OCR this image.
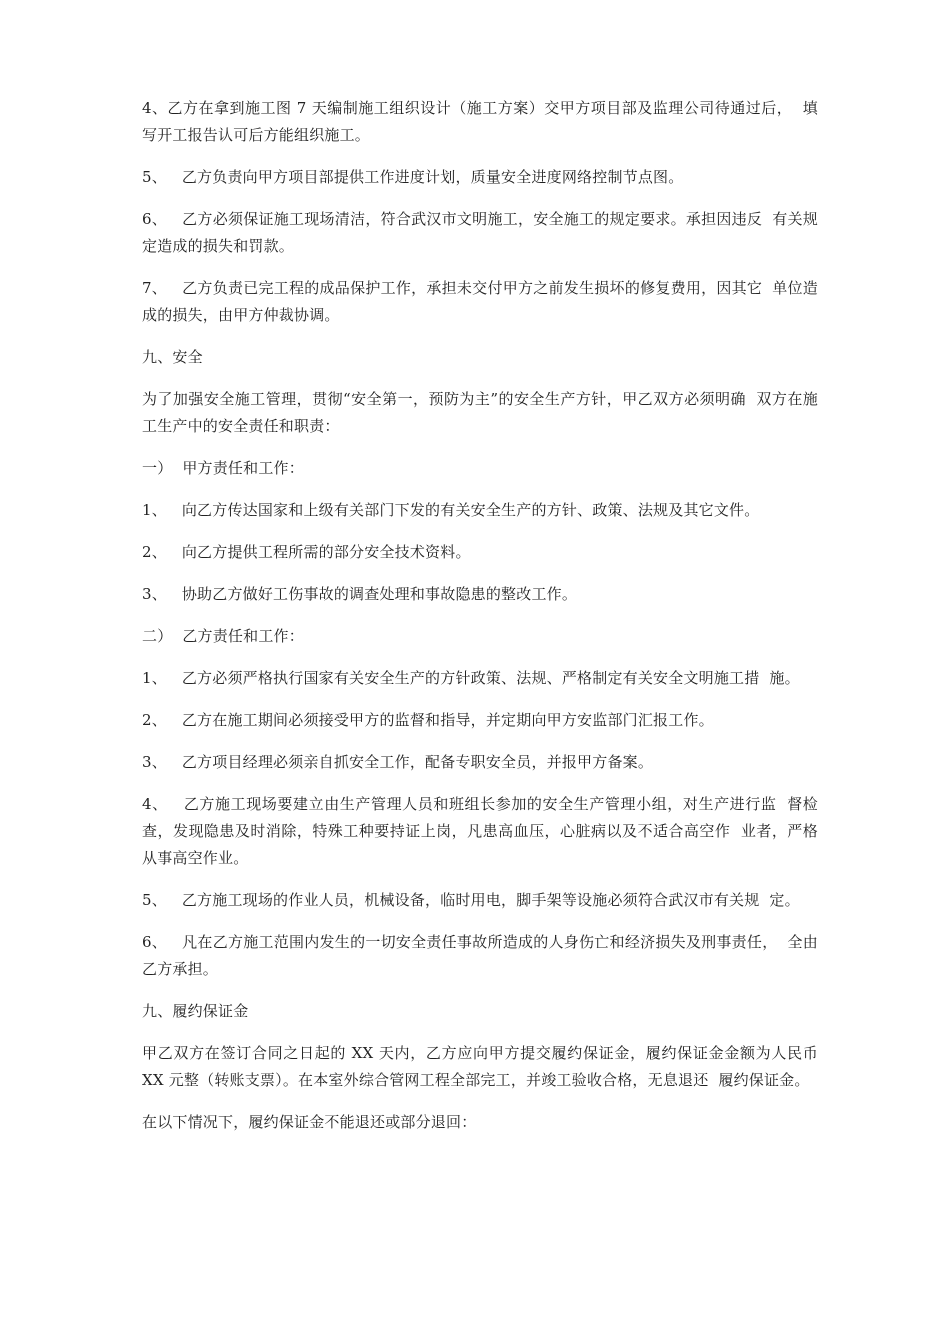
4、乙方在拿到施工图 7 天编制施工组织设计（施工方案）交甲方项目部及监理公司待通过后，  填写开工报告认可后方能组织施工。

5、   乙方负责向甲方项目部提供工作进度计划，质量安全进度网络控制节点图。

6、   乙方必须保证施工现场清洁，符合武汉市文明施工，安全施工的规定要求。承担因违反  有关规定造成的损失和罚款。

7、   乙方负责已完工程的成品保护工作，承担未交付甲方之前发生损坏的修复费用，因其它  单位造成的损失，由甲方仲裁协调。

九、安全

为了加强安全施工管理，贯彻“安全第一，预防为主”的安全生产方针，甲乙双方必须明确  双方在施工生产中的安全责任和职责：

一）  甲方责任和工作：

1、   向乙方传达国家和上级有关部门下发的有关安全生产的方针、政策、法规及其它文件。

2、   向乙方提供工程所需的部分安全技术资料。

3、   协助乙方做好工伤事故的调查处理和事故隐患的整改工作。

二）  乙方责任和工作：

1、   乙方必须严格执行国家有关安全生产的方针政策、法规、严格制定有关安全文明施工措  施。

2、   乙方在施工期间必须接受甲方的监督和指导，并定期向甲方安监部门汇报工作。

3、   乙方项目经理必须亲自抓安全工作，配备专职安全员，并报甲方备案。

4、   乙方施工现场要建立由生产管理人员和班组长参加的安全生产管理小组，对生产进行监  督检查，发现隐患及时消除，特殊工种要持证上岗，凡患高血压，心脏病以及不适合高空作  业者，严格从事高空作业。

5、   乙方施工现场的作业人员，机械设备，临时用电，脚手架等设施必须符合武汉市有关规  定。

6、   凡在乙方施工范围内发生的一切安全责任事故所造成的人身伤亡和经济损失及刑事责任，  全由乙方承担。

九、履约保证金

甲乙双方在签订合同之日起的 XX 天内，乙方应向甲方提交履约保证金，履约保证金金额为人民币 XX 元整（转账支票）。在本室外综合管网工程全部完工，并竣工验收合格，无息退还  履约保证金。

在以下情况下，履约保证金不能退还或部分退回：
